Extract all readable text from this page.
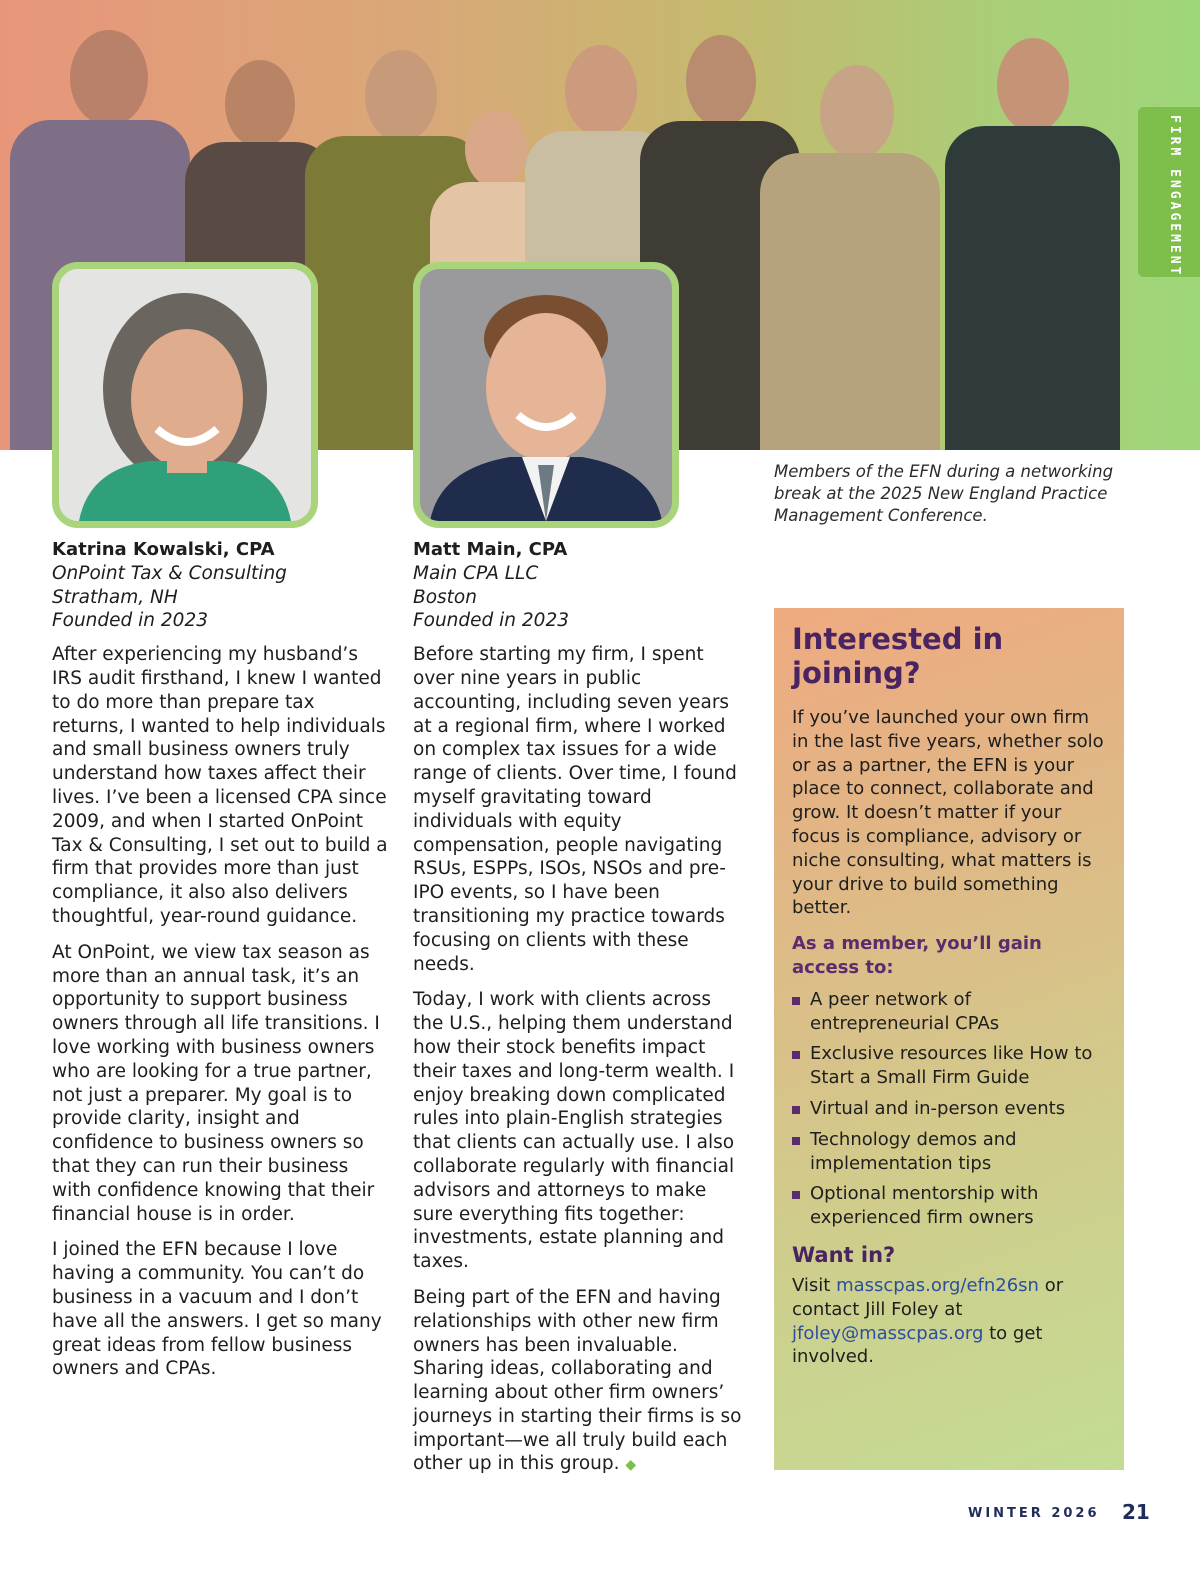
FIRM ENGAGEMENT
Members of the EFN during a networking break at the 2025 New England Practice Management Conference.

Katrina Kowalski, CPA

OnPoint Tax & Consulting

Stratham, NH

Founded in 2023

After experiencing my husband’s IRS audit firsthand, I knew I wanted to do more than prepare tax returns, I wanted to help individuals and small business owners truly understand how taxes affect their lives. I’ve been a licensed CPA since 2009, and when I started OnPoint Tax & Consulting, I set out to build a firm that provides more than just compliance, it also also delivers thoughtful, year-round guidance.

At OnPoint, we view tax season as more than an annual task, it’s an opportunity to support business owners through all life transitions. I love working with business owners who are looking for a true partner, not just a preparer. My goal is to provide clarity, insight and confidence to business owners so that they can run their business with confidence knowing that their financial house is in order.

I joined the EFN because I love having a community. You can’t do business in a vacuum and I don’t have all the answers. I get so many great ideas from fellow business owners and CPAs.

Matt Main, CPA

Main CPA LLC

Boston

Founded in 2023

Before starting my firm, I spent over nine years in public accounting, including seven years at a regional firm, where I worked on complex tax issues for a wide range of clients. Over time, I found myself gravitating toward individuals with equity compensation, people navigating RSUs, ESPPs, ISOs, NSOs and pre-IPO events, so I have been transitioning my practice towards focusing on clients with these needs.

Today, I work with clients across the U.S., helping them understand how their stock benefits impact their taxes and long-term wealth. I enjoy breaking down complicated rules into plain-English strategies that clients can actually use. I also collaborate regularly with financial advisors and attorneys to make sure everything fits together: investments, estate planning and taxes.

Being part of the EFN and having relationships with other new firm owners has been invaluable. Sharing ideas, collaborating and learning about other firm owners’ journeys in starting their firms is so important—we all truly build each other up in this group. ◆

Interested in joining?

If you’ve launched your own firm in the last five years, whether solo or as a partner, the EFN is your place to connect, collaborate and grow. It doesn’t matter if your focus is compliance, advisory or niche consulting, what matters is your drive to build something better.

As a member, you’ll gain access to:

A peer network of entrepreneurial CPAs
Exclusive resources like How to Start a Small Firm Guide
Virtual and in-person events
Technology demos and implementation tips
Optional mentorship with experienced firm owners

Want in?

Visit masscpas.org/efn26sn or contact Jill Foley at jfoley@masscpas.org to get involved.

WINTER 2026 21
